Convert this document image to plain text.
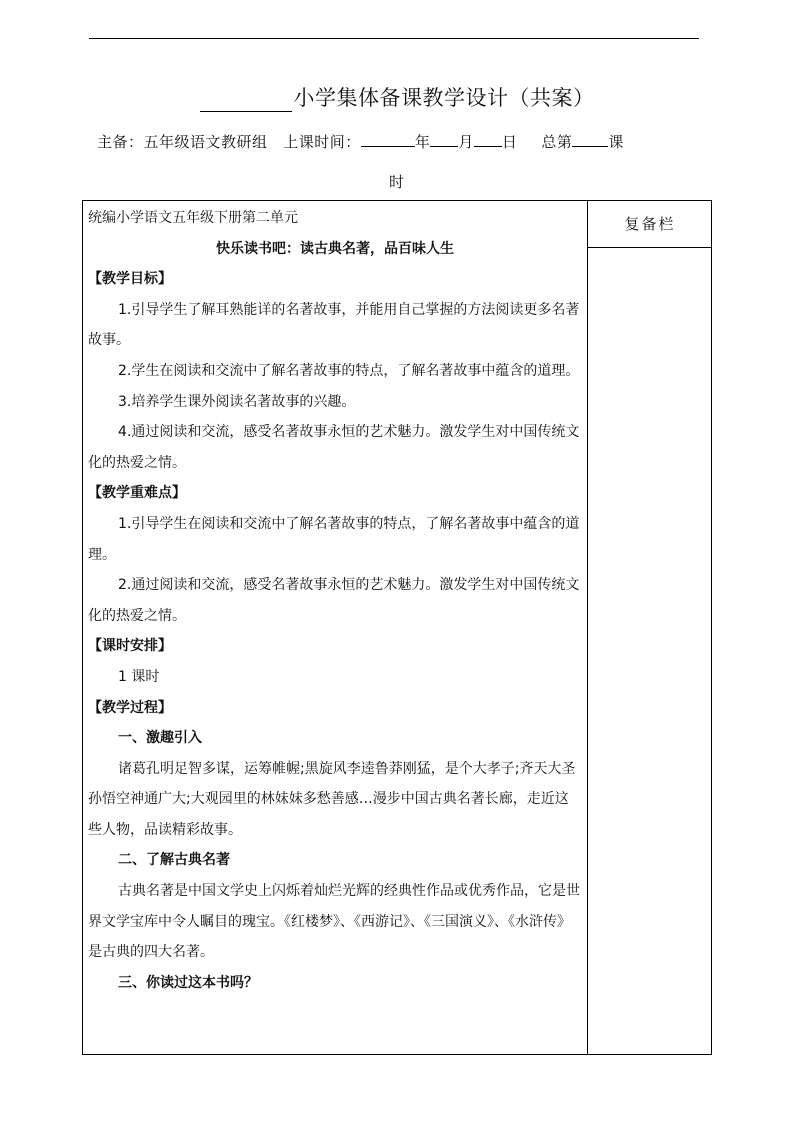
小学集体备课教学设计（共案）
主备：五年级语文教研组   上课时间：	年 月 日 总第 课
时
复备栏

统编小学语文五年级下册第二单元

快乐读书吧：读古典名著，品百味人生

【教学目标】

1.引导学生了解耳熟能详的名著故事，并能用自己掌握的方法阅读更多名著故事。

2.学生在阅读和交流中了解名著故事的特点，了解名著故事中蕴含的道理。

3.培养学生课外阅读名著故事的兴趣。

4.通过阅读和交流，感受名著故事永恒的艺术魅力。激发学生对中国传统文化的热爱之情。

【教学重难点】

1.引导学生在阅读和交流中了解名著故事的特点，了解名著故事中蕴含的道理。

2.通过阅读和交流，感受名著故事永恒的艺术魅力。激发学生对中国传统文化的热爱之情。

【课时安排】

1 课时

【教学过程】

一、激趣引入

诸葛孔明足智多谋，运筹帷幄;黑旋风李逵鲁莽刚猛，是个大孝子;齐天大圣孙悟空神通广大;大观园里的林妹妹多愁善感…漫步中国古典名著长廊，走近这些人物，品读精彩故事。

二、了解古典名著

古典名著是中国文学史上闪烁着灿烂光辉的经典性作品或优秀作品，它是世界文学宝库中令人瞩目的瑰宝。《红楼梦》、《西游记》、《三国演义》、《水浒传》是古典的四大名著。

三、你读过这本书吗？
